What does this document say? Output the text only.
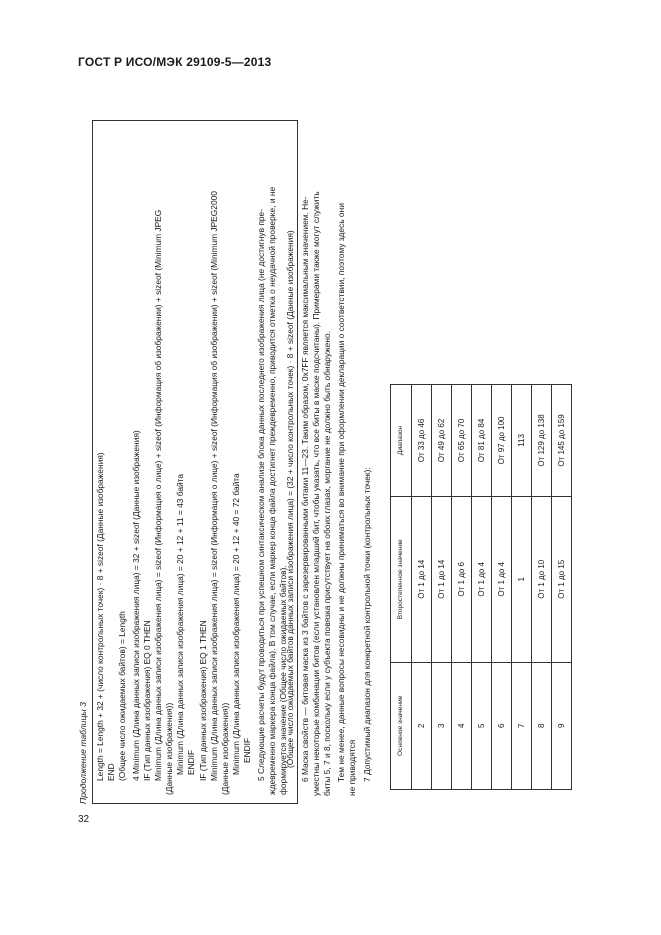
ГОСТ Р ИСО/МЭК 29109-5—2013
32
Продолжение таблицы 3 Length = Length + 32 + (число контрольных точек) · 8 + sizeof (Данные изображения) END (Общее число ожидаемых байтов) = Length 4 Minimum (Длина данных записи изображения лица) = 32 + sizeof (Данные изображения) IF (Тип данных изображения) EQ 0 THEN Minimum (Длина данных записи изображения лица) = sizeof (Информация о лице) + sizeof (Информация об изображении) + sizeof (Minimum JPEG (Данные изображения)) Minimum (Длина данных записи изображения лица) = 20 + 12 + 11 = 43 байта ENDIF IF (Тип данных изображения) EQ 1 THEN Minimum (Длина данных записи изображения лица) = sizeof (Информация о лице) + sizeof (Информация об изображении) + sizeof (Minimum JPEG2000 (Данные изображения)) Minimum (Длина данных записи изображения лица) = 20 + 12 + 40 = 72 байта ENDIF 5 Следующие расчеты будут проводиться при успешном синтаксическом анализе блока данных последнего изображения лица (не достигнув пре- ждевременно маркера конца файла). В том случае, если маркер конца файла достигнет преждевременно, приводится отметка о неудачной проверке, и не формируется значение (Общее число ожидаемых байтов).
(Общее число ожидаемых байтов данных записи изображения лица) = (32 + число контрольных точек) · 8 + sizeof (Данные изображения) 6 Маска свойств — битовая маска из 3 байтов с зарезервированными битами 11—23. Таким образом, 0x7FF является максимальным значением. Не- уместны некоторые комбинации битов (если установлен младший бит, чтобы указать, что все биты в маске подсчитаны). Примерами также могут служить биты 5, 7 и 8, поскольку если у субъекта повязка присутствует на обоих глазах, моргание не должно быть обнаружено. Тем не менее, данные вопросы несовидны и не должны приниматься во внимание при оформлении декларации о соответствии, поэтому здесь они не приводятся 7 Допустимый диапазон для конкретной контрольной точки (контрольных точек):	Основное значение	Второстепенное значение	Диапазон
2	От 1 до 14	От 33 до 46
3	От 1 до 14	От 49 до 62
4	От 1 до 6	От 65 до 70
5	От 1 до 4	От 81 до 84
6	От 1 до 4	От 97 до 100
7	1	113
8	От 1 до 10	От 129 до 138
9	От 1 до 15	От 145 до 159
